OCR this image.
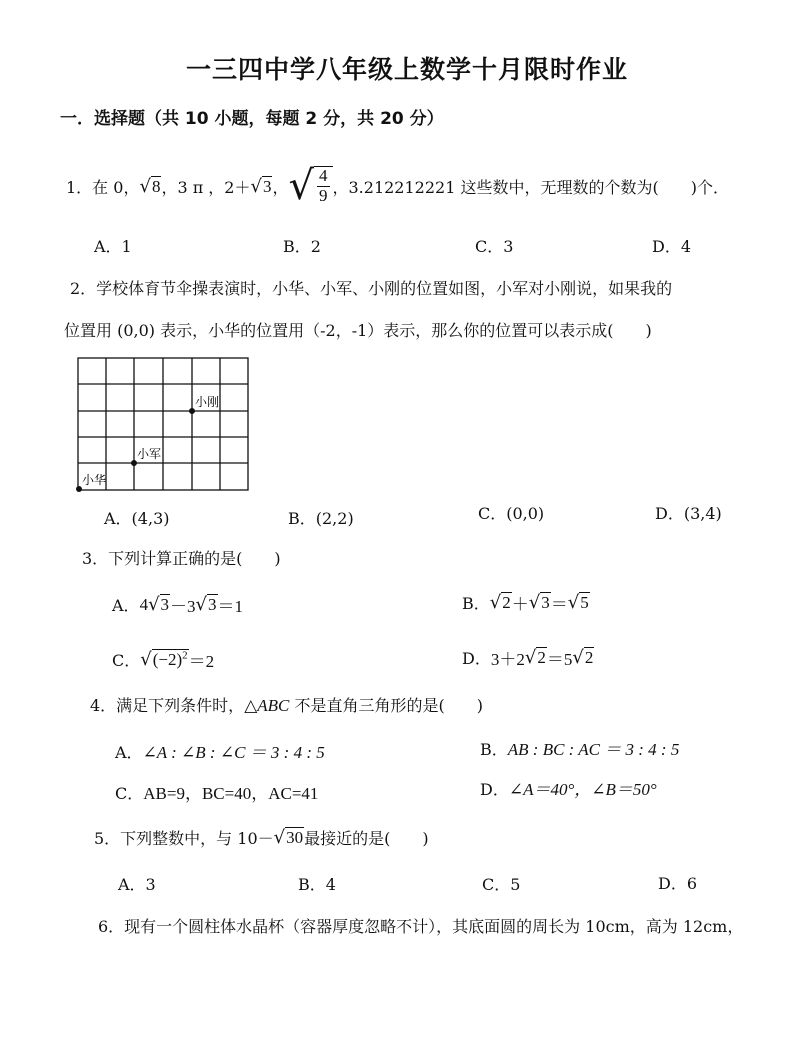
一三四中学八年级上数学十月限时作业
一．选择题（共 10 小题，每题 2 分，共 20 分）
1．在 0， √8 ，3 π ，2＋ √3 ， √ $\frac{4}{9}$ ，3.212212221 这些数中，无理数的个数为(　　)个．
A．1	B．2	C．3	D．4
2．学校体育节伞操表演时，小华、小军、小刚的位置如图，小军对小刚说，如果我的
位置用 (0,0) 表示，小华的位置用（-2，-1）表示，那么你的位置可以表示成(　　)
小刚
小军
小华
A．(4,3)	B．(2,2)	C．(0,0)	D．(3,4)
3．下列计算正确的是(　　)
A． 4 √3 －3 √3 ＝1	B． √2 ＋ √3 ＝ √5
C． $√(-2)^2 =2$	D． 3＋2 √2 ＝5 √2
4．满足下列条件时，△ABC 不是直角三角形的是(　　)
A．∠A : ∠B : ∠C ＝ 3 : 4 : 5	B．AB : BC : AC ＝ 3 : 4 : 5
C．AB=9，BC=40，AC=41	D．∠A＝40°，∠B＝50°
5．下列整数中，与 10－ √30 最接近的是(　　)
A．3	B．4	C．5	D．6
6．现有一个圆柱体水晶杯（容器厚度忽略不计），其底面圆的周长为 10cm，高为 12cm，
